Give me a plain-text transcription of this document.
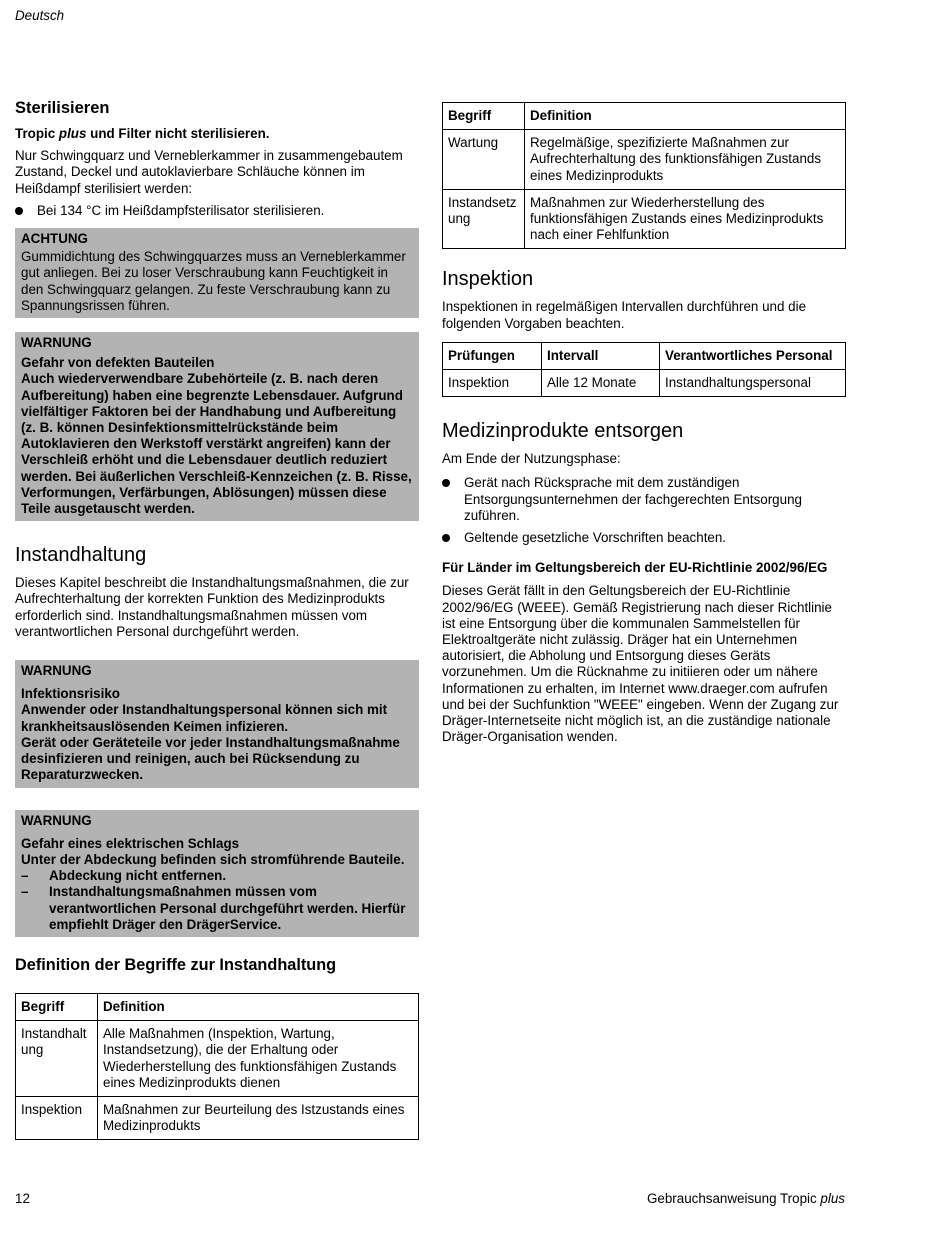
Deutsch
Sterilisieren

Tropic plus und Filter nicht sterilisieren.

Nur Schwingquarz und Verneblerkammer in zusammengebautem Zustand, Deckel und autoklavierbare Schläuche können im Heißdampf sterilisiert werden:

Bei 134 °C im Heißdampfsterilisator sterilisieren.
ACHTUNG
Gummidichtung des Schwingquarzes muss an Verneblerkammer gut anliegen. Bei zu loser Verschraubung kann Feuchtigkeit in den Schwingquarz gelangen. Zu feste Verschraubung kann zu Spannungsrissen führen.
WARNUNG

Gefahr von defekten Bauteilen

Auch wiederverwendbare Zubehörteile (z. B. nach deren Aufbereitung) haben eine begrenzte Lebensdauer. Aufgrund vielfältiger Faktoren bei der Handhabung und Aufbereitung (z. B. können Desinfektionsmittelrückstände beim Autoklavieren den Werkstoff verstärkt angreifen) kann der Verschleiß erhöht und die Lebensdauer deutlich reduziert werden. Bei äußerlichen Verschleiß-Kennzeichen (z. B. Risse, Verformungen, Verfärbungen, Ablösungen) müssen diese Teile ausgetauscht werden.

Instandhaltung

Dieses Kapitel beschreibt die Instandhaltungsmaßnahmen, die zur Aufrechterhaltung der korrekten Funktion des Medizinprodukts erforderlich sind. Instandhaltungsmaßnahmen müssen vom verantwortlichen Personal durchgeführt werden.

WARNUNG

Infektionsrisiko

Anwender oder Instandhaltungspersonal können sich mit krankheitsauslösenden Keimen infizieren.

Gerät oder Geräteteile vor jeder Instandhaltungsmaßnahme desinfizieren und reinigen, auch bei Rücksendung zu Reparaturzwecken.

WARNUNG

Gefahr eines elektrischen Schlags

Unter der Abdeckung befinden sich stromführende Bauteile.

– Abdeckung nicht entfernen.
– Instandhaltungsmaßnahmen müssen vom verantwortlichen Personal durchgeführt werden. Hierfür empfiehlt Dräger den DrägerService.
Definition der Begriffe zur Instandhaltung
Begriff	Definition
Instandhaltung	Alle Maßnahmen (Inspektion, Wartung, Instandsetzung), die der Erhaltung oder Wiederherstellung des funktionsfähigen Zustands eines Medizinprodukts dienen
Inspektion	Maßnahmen zur Beurteilung des Istzustands eines Medizinprodukts
Begriff	Definition
Wartung	Regelmäßige, spezifizierte Maßnahmen zur Aufrechterhaltung des funktionsfähigen Zustands eines Medizinprodukts
Instandsetzung	Maßnahmen zur Wiederherstellung des funktionsfähigen Zustands eines Medizinprodukts nach einer Fehlfunktion
Inspektion

Inspektionen in regelmäßigen Intervallen durchführen und die folgenden Vorgaben beachten.

Prüfungen	Intervall	Verantwortliches Personal
Inspektion	Alle 12 Monate	Instandhaltungspersonal
Medizinprodukte entsorgen

Am Ende der Nutzungsphase:

Gerät nach Rücksprache mit dem zuständigen Entsorgungsunternehmen der fachgerechten Entsorgung zuführen.
Geltende gesetzliche Vorschriften beachten.

Für Länder im Geltungsbereich der EU-Richtlinie 2002/96/EG

Dieses Gerät fällt in den Geltungsbereich der EU-Richtlinie 2002/96/EG (WEEE). Gemäß Registrierung nach dieser Richtlinie ist eine Entsorgung über die kommunalen Sammelstellen für Elektroaltgeräte nicht zulässig. Dräger hat ein Unternehmen autorisiert, die Abholung und Entsorgung dieses Geräts vorzunehmen. Um die Rücknahme zu initiieren oder um nähere Informationen zu erhalten, im Internet www.draeger.com aufrufen und bei der Suchfunktion "WEEE" eingeben. Wenn der Zugang zur Dräger-Internetseite nicht möglich ist, an die zuständige nationale Dräger-Organisation wenden.

12	Gebrauchsanweisung Tropic plus
